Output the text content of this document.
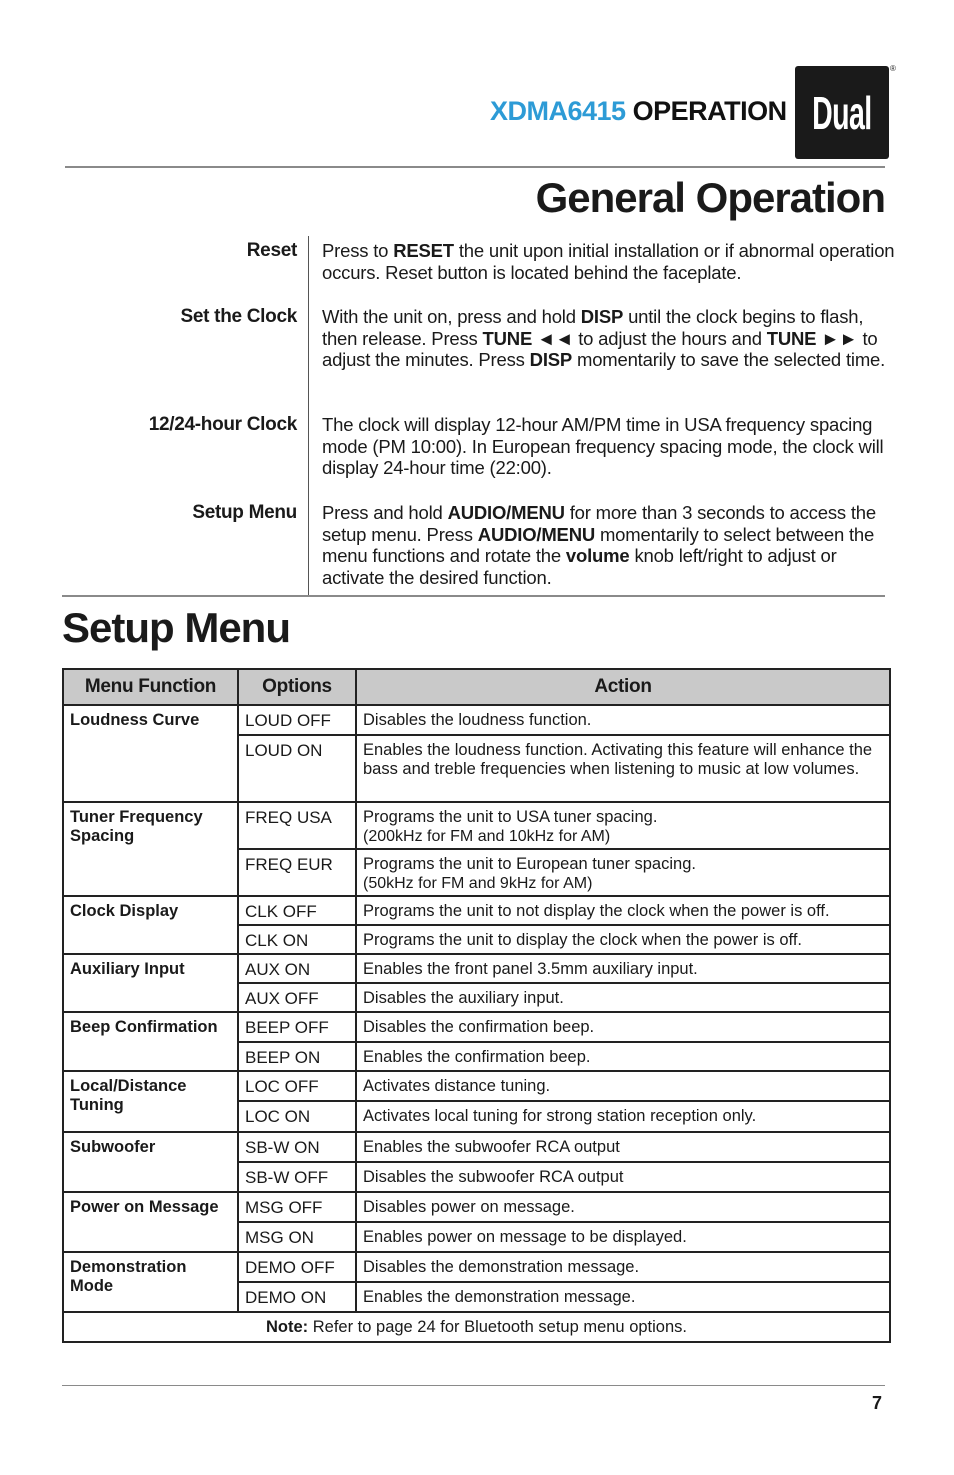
XDMA6415 OPERATION Dual
®
General Operation
Reset Press to RESET the unit upon initial installation or if abnormal operation occurs. Reset button is located behind the faceplate.
Set the Clock With the unit on, press and hold DISP until the clock begins to flash, then release. Press TUNE ◄◄ to adjust the hours and TUNE ►► to adjust the minutes. Press DISP momentarily to save the selected time.
12/24-hour Clock The clock will display 12-hour AM/PM time in USA frequency spacing mode (PM 10:00). In European frequency spacing mode, the clock will display 24-hour time (22:00).
Setup Menu Press and hold AUDIO/MENU for more than 3 seconds to access the setup menu. Press AUDIO/MENU momentarily to select between the menu functions and rotate the volume knob left/right to adjust or activate the desired function.
Setup Menu
Menu Function	Options	Action
Loudness Curve	LOUD OFF	Disables the loudness function.

	LOUD ON	Enables the loudness function. Activating this feature will enhance the bass and treble frequencies when listening to music at low volumes.

Tuner Frequency Spacing	FREQ USA	Programs the unit to USA tuner spacing.
(200kHz for FM and 10kHz for AM)

	FREQ EUR	Programs the unit to European tuner spacing.
(50kHz for FM and 9kHz for AM)

Clock Display	CLK OFF	Programs the unit to not display the clock when the power is off.

	CLK ON	Programs the unit to display the clock when the power is off.

Auxiliary Input	AUX ON	Enables the front panel 3.5mm auxiliary input.

	AUX OFF	Disables the auxiliary input.

Beep Confirmation	BEEP OFF	Disables the confirmation beep.

	BEEP ON	Enables the confirmation beep.

Local/Distance Tuning	LOC OFF	Activates distance tuning.

	LOC ON	Activates local tuning for strong station reception only.

Subwoofer	SB-W ON	Enables the subwoofer RCA output

	SB-W OFF	Disables the subwoofer RCA output

Power on Message	MSG OFF	Disables power on message.

	MSG ON	Enables power on message to be displayed.

Demonstration Mode	DEMO OFF	Disables the demonstration message.

	DEMO ON	Enables the demonstration message.

Note: Refer to page 24 for Bluetooth setup menu options.		
7
